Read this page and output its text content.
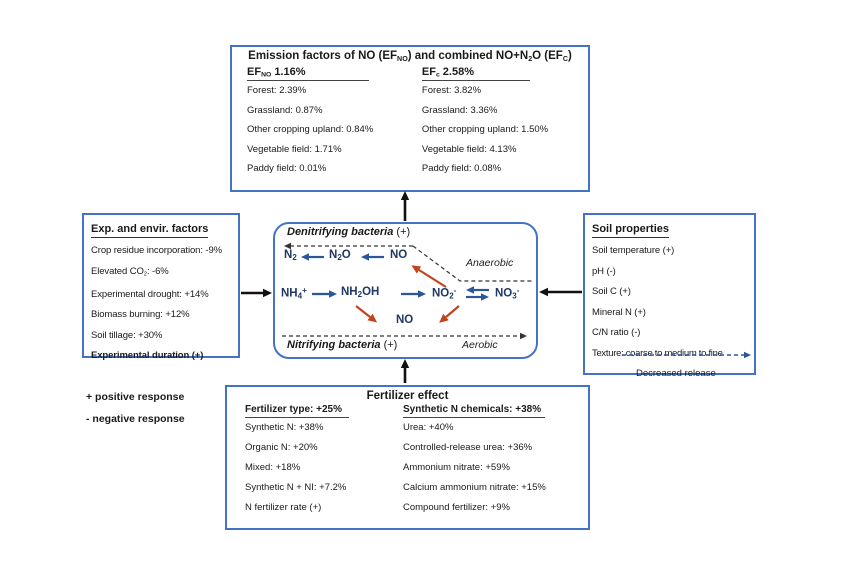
Emission factors of NO $(EF_{NO})$ and combined $NO+N_2O$ $(EF_C)$
$EF_{NO}$ 1.16%
Forest: 2.39%
Grassland: 0.87%
Other cropping upland: 0.84%
Vegetable field: 1.71%
Paddy field: 0.01%
$EF_c$ 2.58%
Forest: 3.82%
Grassland: 3.36%
Other cropping upland: 1.50%
Vegetable field: 4.13%
Paddy field: 0.08%
Exp. and envir. factors
Crop residue incorporation: -9%
Elevated $CO_2$: -6%
Experimental drought: +14%
Biomass burning: +12%
Soil tillage: +30%
Experimental duration (+)
Soil properties
Soil temperature (+)
pH (-)
Soil C (+)
Mineral N (+)
C/N ratio (-)
Texture: coarse to medium to fine
Decreased release
Fertilizer effect
Fertilizer type: +25%
Synthetic N: +38%
Organic N: +20%
Mixed: +18%
Synthetic N + NI: +7.2%
N fertilizer rate (+)
Synthetic N chemicals: +38%
Urea: +40%
Controlled-release urea: +36%
Ammonium nitrate: +59%
Calcium ammonium nitrate: +15%
Compound fertilizer: +9%
Denitrifying bacteria (+)
$N_2$	$N_2O$	NO
Anaerobic
$NH_4^+$	$NH_2OH$	$NO_2^-$	$NO_3^-$
NO
Nitrifying bacteria (+)	Aerobic
+ positive response
- negative response
